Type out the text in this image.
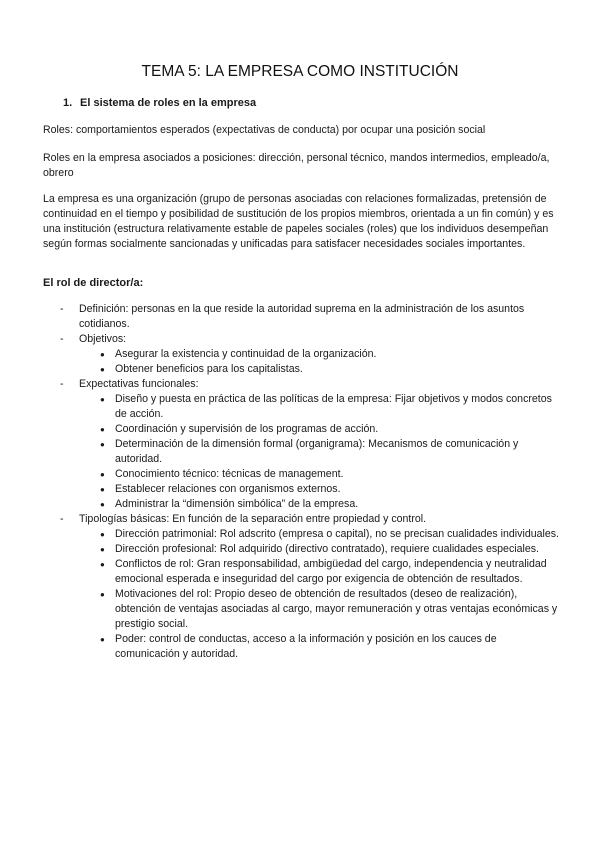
TEMA 5: LA EMPRESA COMO INSTITUCIÓN
1. El sistema de roles en la empresa

Roles: comportamientos esperados (expectativas de conducta) por ocupar una posición social

Roles en la empresa asociados a posiciones: dirección, personal técnico, mandos intermedios, empleado/a, obrero

La empresa es una organización (grupo de personas asociadas con relaciones formalizadas, pretensión de continuidad en el tiempo y posibilidad de sustitución de los propios miembros, orientada a un fin común) y es una institución (estructura relativamente estable de papeles sociales (roles) que los individuos desempeñan según formas socialmente sancionadas y unificadas para satisfacer necesidades sociales importantes.

El rol de director/a:
- Definición: personas en la que reside la autoridad suprema en la administración de los asuntos cotidianos.
- Objetivos:
● Asegurar la existencia y continuidad de la organización.
● Obtener beneficios para los capitalistas.
- Expectativas funcionales:
● Diseño y puesta en práctica de las políticas de la empresa: Fijar objetivos y modos concretos de acción.
● Coordinación y supervisión de los programas de acción.
● Determinación de la dimensión formal (organigrama): Mecanismos de comunicación y autoridad.
● Conocimiento técnico: técnicas de management.
● Establecer relaciones con organismos externos.
● Administrar la “dimensión simbólica” de la empresa.
- Tipologías básicas: En función de la separación entre propiedad y control.
● Dirección patrimonial: Rol adscrito (empresa o capital), no se precisan cualidades individuales.
● Dirección profesional: Rol adquirido (directivo contratado), requiere cualidades especiales.
● Conflictos de rol: Gran responsabilidad, ambigüedad del cargo, independencia y neutralidad emocional esperada e inseguridad del cargo por exigencia de obtención de resultados.
● Motivaciones del rol: Propio deseo de obtención de resultados (deseo de realización), obtención de ventajas asociadas al cargo, mayor remuneración y otras ventajas económicas y prestigio social.
● Poder: control de conductas, acceso a la información y posición en los cauces de comunicación y autoridad.
